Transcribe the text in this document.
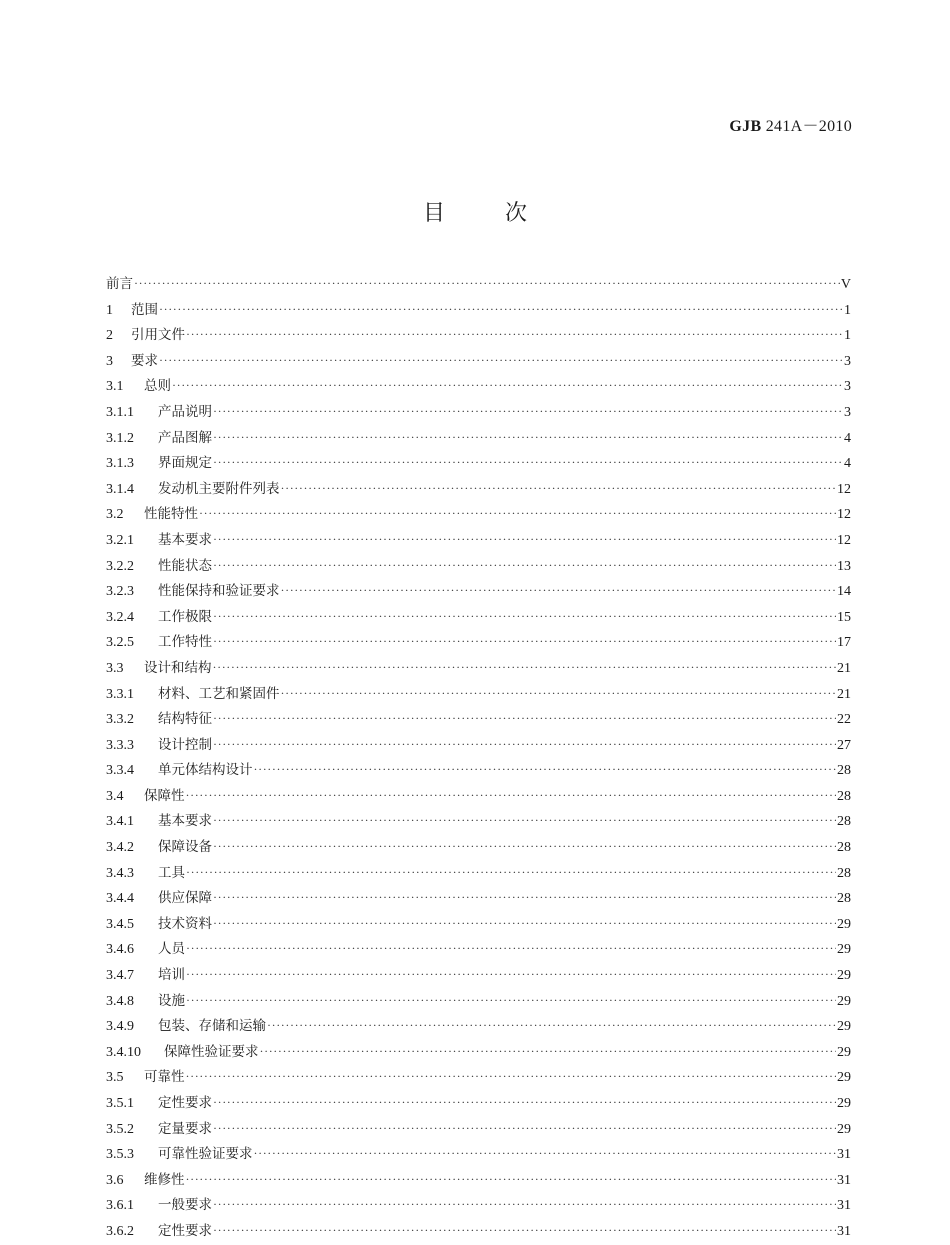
GJB 241A－2010
目次
前言 ·····	V
1	范围 ·····	1
2	引用文件 ·····	1
3	要求 ·····	3
3.1	总则 ·····	3
3.1.1	产品说明 ·····	3
3.1.2	产品图解 ·····	4
3.1.3	界面规定 ·····	4
3.1.4	发动机主要附件列表 ·····	12
3.2	性能特性 ·····	12
3.2.1	基本要求 ·····	12
3.2.2	性能状态 ·····	13
3.2.3	性能保持和验证要求 ·····	14
3.2.4	工作极限 ·····	15
3.2.5	工作特性 ·····	17
3.3	设计和结构 ·····	21
3.3.1	材料、工艺和紧固件 ·····	21
3.3.2	结构特征 ·····	22
3.3.3	设计控制 ·····	27
3.3.4	单元体结构设计 ·····	28
3.4	保障性 ·····	28
3.4.1	基本要求 ·····	28
3.4.2	保障设备 ·····	28
3.4.3	工具 ·····	28
3.4.4	供应保障 ·····	28
3.4.5	技术资料 ·····	29
3.4.6	人员 ·····	29
3.4.7	培训 ·····	29
3.4.8	设施 ·····	29
3.4.9	包装、存储和运输 ·····	29
3.4.10	保障性验证要求 ·····	29
3.5	可靠性 ·····	29
3.5.1	定性要求 ·····	29
3.5.2	定量要求 ·····	29
3.5.3	可靠性验证要求 ·····	31
3.6	维修性 ·····	31
3.6.1	一般要求 ·····	31
3.6.2	定性要求 ·····	31
